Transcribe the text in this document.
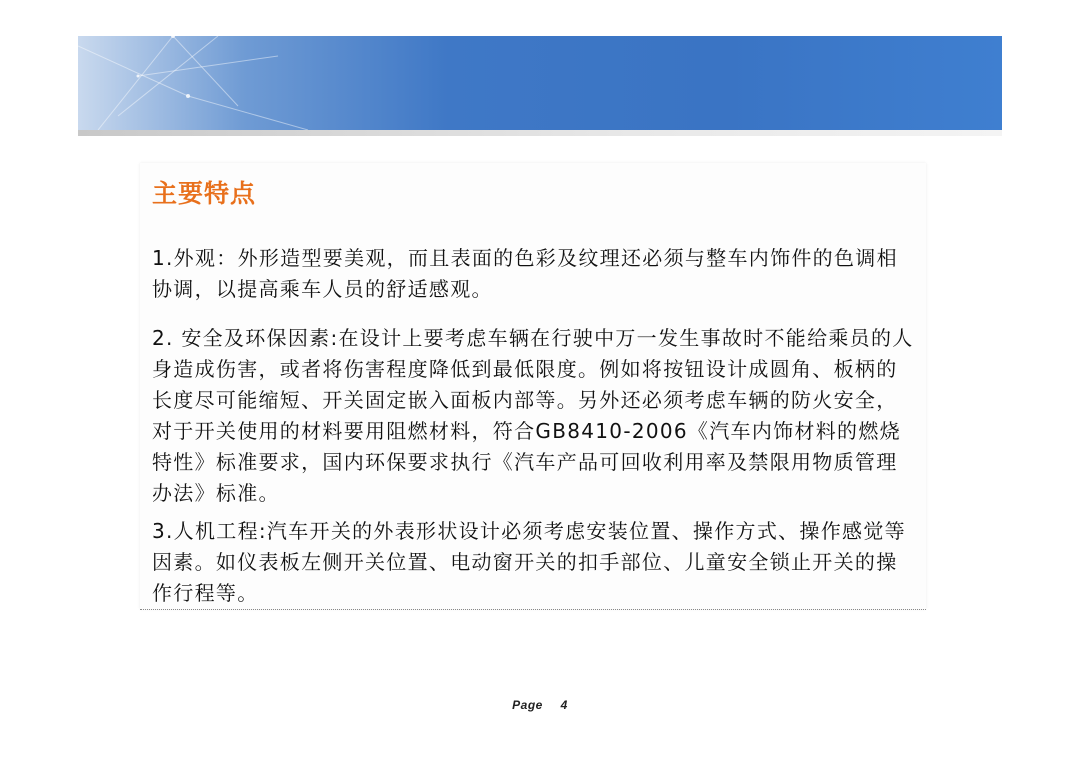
主要特点
1.外观：外形造型要美观，而且表面的色彩及纹理还必须与整车内饰件的色调相协调，以提高乘车人员的舒适感观。
2. 安全及环保因素:在设计上要考虑车辆在行驶中万一发生事故时不能给乘员的人身造成伤害，或者将伤害程度降低到最低限度。例如将按钮设计成圆角、板柄的长度尽可能缩短、开关固定嵌入面板内部等。另外还必须考虑车辆的防火安全，对于开关使用的材料要用阻燃材料，符合GB8410-2006《汽车内饰材料的燃烧特性》标准要求，国内环保要求执行《汽车产品可回收利用率及禁限用物质管理办法》标准。
3.人机工程:汽车开关的外表形状设计必须考虑安装位置、操作方式、操作感觉等因素。如仪表板左侧开关位置、电动窗开关的扣手部位、儿童安全锁止开关的操作行程等。
Page 4
